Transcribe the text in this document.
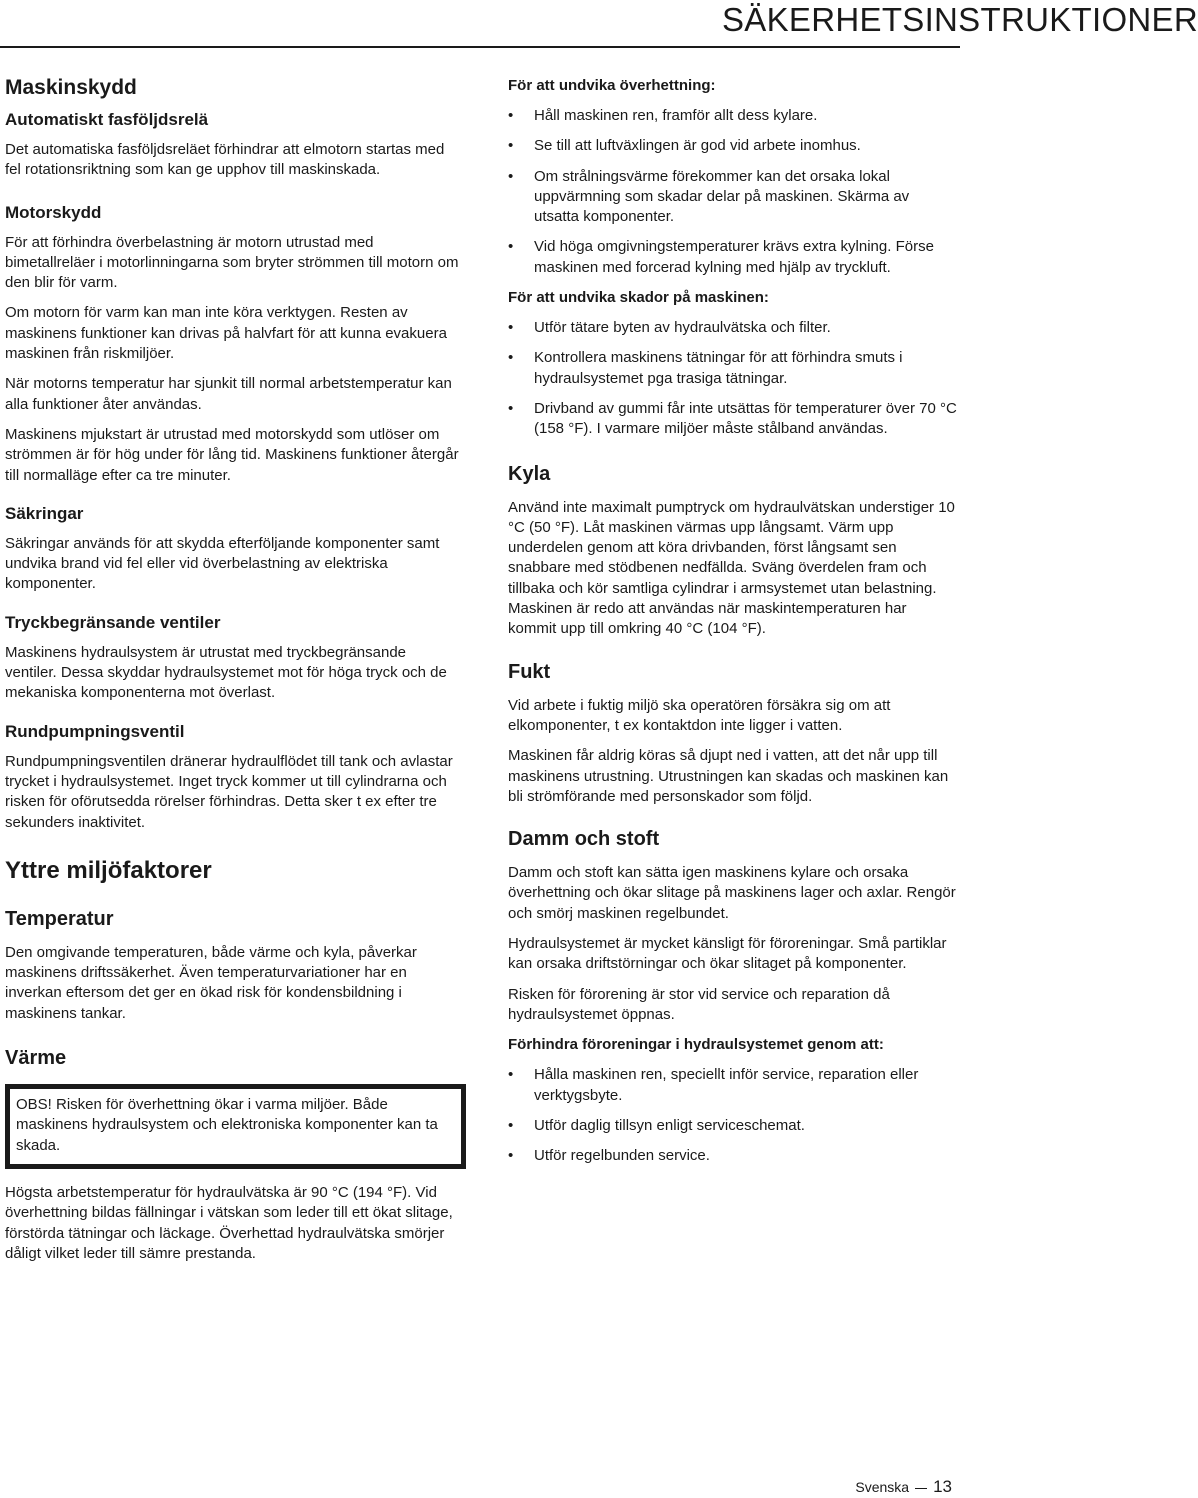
SÄKERHETSINSTRUKTIONER
Maskinskydd
Automatiskt fasföljdsrelä

Det automatiska fasföljdsreläet förhindrar att elmotorn startas med fel rotationsriktning som kan ge upphov till maskinskada.

Motorskydd

För att förhindra överbelastning är motorn utrustad med bimetallreläer i motorlinningarna som bryter strömmen till motorn om den blir för varm.

Om motorn för varm kan man inte köra verktygen. Resten av maskinens funktioner kan drivas på halvfart för att kunna evakuera maskinen från riskmiljöer.

När motorns temperatur har sjunkit till normal arbetstemperatur kan alla funktioner åter användas.

Maskinens mjukstart är utrustad med motorskydd som utlöser om strömmen är för hög under för lång tid. Maskinens funktioner återgår till normalläge efter ca tre minuter.

Säkringar

Säkringar används för att skydda efterföljande komponenter samt undvika brand vid fel eller vid överbelastning av elektriska komponenter.

Tryckbegränsande ventiler

Maskinens hydraulsystem är utrustat med tryckbegränsande ventiler. Dessa skyddar hydraulsystemet mot för höga tryck och de mekaniska komponenterna mot överlast.

Rundpumpningsventil

Rundpumpningsventilen dränerar hydraulflödet till tank och avlastar trycket i hydraulsystemet. Inget tryck kommer ut till cylindrarna och risken för oförutsedda rörelser förhindras. Detta sker t ex efter tre sekunders inaktivitet.

Yttre miljöfaktorer
Temperatur

Den omgivande temperaturen, både värme och kyla, påverkar maskinens driftssäkerhet. Även temperaturvariationer har en inverkan eftersom det ger en ökad risk för kondensbildning i maskinens tankar.

Värme

OBS! Risken för överhettning ökar i varma miljöer. Både maskinens hydraulsystem och elektroniska komponenter kan ta skada.

Högsta arbetstemperatur för hydraulvätska är 90 °C (194 °F). Vid överhettning bildas fällningar i vätskan som leder till ett ökat slitage, förstörda tätningar och läckage. Överhettad hydraulvätska smörjer dåligt vilket leder till sämre prestanda.

För att undvika överhettning:
• Håll maskinen ren, framför allt dess kylare.
• Se till att luftväxlingen är god vid arbete inomhus.
• Om strålningsvärme förekommer kan det orsaka lokal uppvärmning som skadar delar på maskinen. Skärma av utsatta komponenter.
• Vid höga omgivningstemperaturer krävs extra kylning. Förse maskinen med forcerad kylning med hjälp av tryckluft.
För att undvika skador på maskinen:
• Utför tätare byten av hydraulvätska och filter.
• Kontrollera maskinens tätningar för att förhindra smuts i hydraulsystemet pga trasiga tätningar.
• Drivband av gummi får inte utsättas för temperaturer över 70 °C (158 °F). I varmare miljöer måste stålband användas.
Kyla

Använd inte maximalt pumptryck om hydraulvätskan understiger 10 °C (50 °F). Låt maskinen värmas upp långsamt. Värm upp underdelen genom att köra drivbanden, först långsamt sen snabbare med stödbenen nedfällda. Sväng överdelen fram och tillbaka och kör samtliga cylindrar i armsystemet utan belastning. Maskinen är redo att användas när maskintemperaturen har kommit upp till omkring 40 °C (104 °F).

Fukt

Vid arbete i fuktig miljö ska operatören försäkra sig om att elkomponenter, t ex kontaktdon inte ligger i vatten.

Maskinen får aldrig köras så djupt ned i vatten, att det når upp till maskinens utrustning. Utrustningen kan skadas och maskinen kan bli strömförande med personskador som följd.

Damm och stoft

Damm och stoft kan sätta igen maskinens kylare och orsaka överhettning och ökar slitage på maskinens lager och axlar. Rengör och smörj maskinen regelbundet.

Hydraulsystemet är mycket känsligt för föroreningar. Små partiklar kan orsaka driftstörningar och ökar slitaget på komponenter.

Risken för förorening är stor vid service och reparation då hydraulsystemet öppnas.

Förhindra föroreningar i hydraulsystemet genom att:
• Hålla maskinen ren, speciellt inför service, reparation eller verktygsbyte.
• Utför daglig tillsyn enligt serviceschemat.
• Utför regelbunden service.
Svenska 13
